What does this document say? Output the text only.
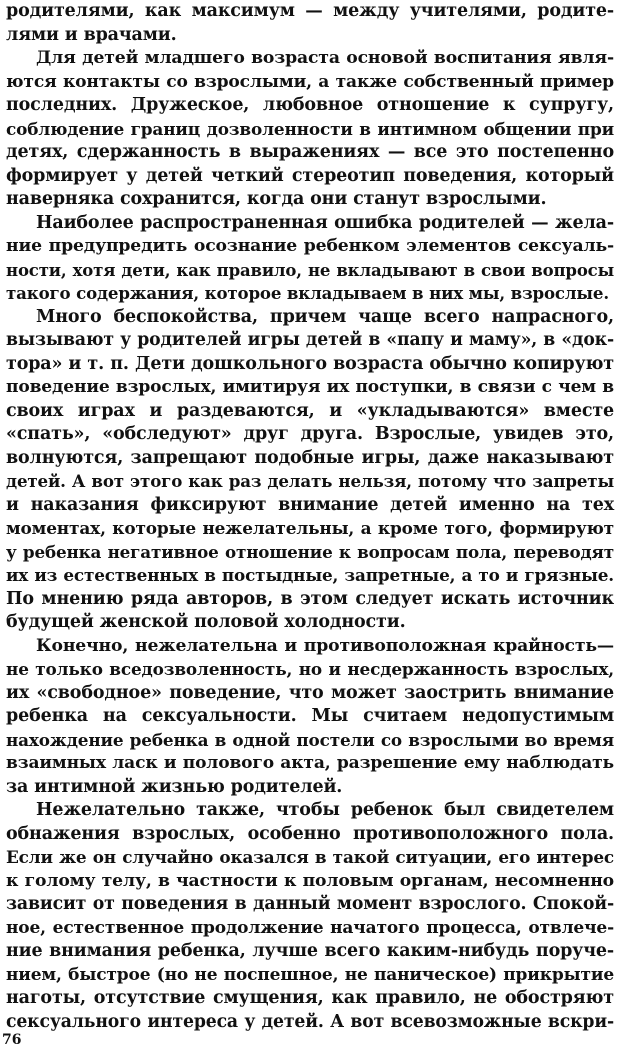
родителями, как максимум — между учителями, родите-
лями и врачами.
Для детей младшего возраста основой воспитания явля-
ются контакты со взрослыми, а также собственный пример
последних. Дружеское, любовное отношение к супругу,
соблюдение границ дозволенности в интимном общении при
детях, сдержанность в выражениях — все это постепенно
формирует у детей четкий стереотип поведения, который
наверняка сохранится, когда они станут взрослыми.
Наиболее распространенная ошибка родителей — жела-
ние предупредить осознание ребенком элементов сексуаль-
ности, хотя дети, как правило, не вкладывают в свои вопросы
такого содержания, которое вкладываем в них мы, взрослые.
Много беспокойства, причем чаще всего напрасного,
вызывают у родителей игры детей в «папу и маму», в «док-
тора» и т. п. Дети дошкольного возраста обычно копируют
поведение взрослых, имитируя их поступки, в связи с чем в
своих играх и раздеваются, и «укладываются» вместе
«спать», «обследуют» друг друга. Взрослые, увидев это,
волнуются, запрещают подобные игры, даже наказывают
детей. А вот этого как раз делать нельзя, потому что запреты
и наказания фиксируют внимание детей именно на тех
моментах, которые нежелательны, а кроме того, формируют
у ребенка негативное отношение к вопросам пола, переводят
их из естественных в постыдные, запретные, а то и грязные.
По мнению ряда авторов, в этом следует искать источник
будущей женской половой холодности.
Конечно, нежелательна и противоположная крайность—
не только вседозволенность, но и несдержанность взрослых,
их «свободное» поведение, что может заострить внимание
ребенка на сексуальности. Мы считаем недопустимым
нахождение ребенка в одной постели со взрослыми во время
взаимных ласк и полового акта, разрешение ему наблюдать
за интимной жизнью родителей.
Нежелательно также, чтобы ребенок был свидетелем
обнажения взрослых, особенно противоположного пола.
Если же он случайно оказался в такой ситуации, его интерес
к голому телу, в частности к половым органам, несомненно
зависит от поведения в данный момент взрослого. Спокой-
ное, естественное продолжение начатого процесса, отвлече-
ние внимания ребенка, лучше всего каким-нибудь поруче-
нием, быстрое (но не поспешное, не паническое) прикрытие
наготы, отсутствие смущения, как правило, не обостряют
сексуального интереса у детей. А вот всевозможные вскри-
76
